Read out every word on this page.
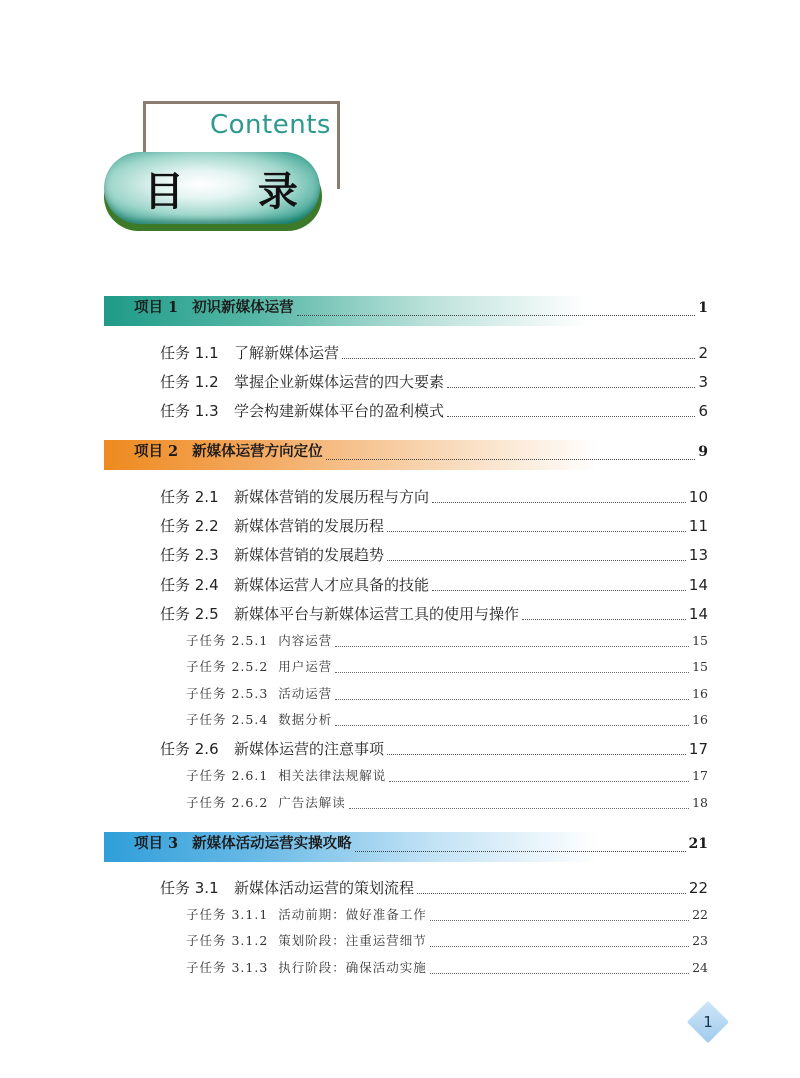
Contents
目 录
项目 1 初识新媒体运营	1
任务 1.1 了解新媒体运营	2
任务 1.2 掌握企业新媒体运营的四大要素	3
任务 1.3 学会构建新媒体平台的盈利模式	6
项目 2 新媒体运营方向定位	9
任务 2.1 新媒体营销的发展历程与方向	10
任务 2.2 新媒体营销的发展历程	11
任务 2.3 新媒体营销的发展趋势	13
任务 2.4 新媒体运营人才应具备的技能	14
任务 2.5 新媒体平台与新媒体运营工具的使用与操作	14
子任务 2.5.1 内容运营	15
子任务 2.5.2 用户运营	15
子任务 2.5.3 活动运营	16
子任务 2.5.4 数据分析	16
任务 2.6 新媒体运营的注意事项	17
子任务 2.6.1 相关法律法规解说	17
子任务 2.6.2 广告法解读	18
项目 3 新媒体活动运营实操攻略	21
任务 3.1 新媒体活动运营的策划流程	22
子任务 3.1.1 活动前期：做好准备工作	22
子任务 3.1.2 策划阶段：注重运营细节	23
子任务 3.1.3 执行阶段：确保活动实施	24
1
